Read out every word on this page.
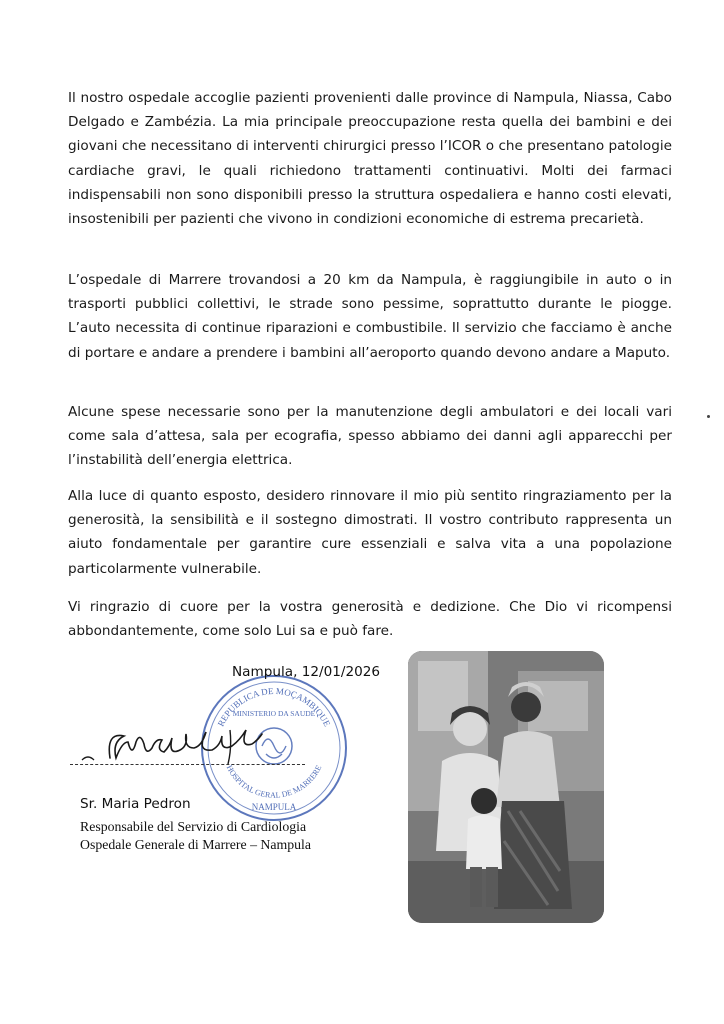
Il nostro ospedale accoglie pazienti provenienti dalle province di Nampula, Niassa, Cabo Delgado e Zambézia. La mia principale preoccupazione resta quella dei bambini e dei giovani che necessitano di interventi chirurgici presso l’ICOR o che presentano patologie cardiache gravi, le quali richiedono trattamenti continuativi. Molti dei farmaci indispensabili non sono disponibili presso la struttura ospedaliera e hanno costi elevati, insostenibili per pazienti che vivono in condizioni economiche di estrema precarietà.

L’ospedale di Marrere trovandosi a 20 km da Nampula, è raggiungibile in auto o in trasporti pubblici collettivi, le strade sono pessime, soprattutto durante le piogge. L’auto necessita di continue riparazioni e combustibile. Il servizio che facciamo è anche di portare e andare a prendere i bambini all’aeroporto quando devono andare a Maputo.

Alcune spese necessarie sono per la manutenzione degli ambulatori e dei locali vari come sala d’attesa, sala per ecografia, spesso abbiamo dei danni agli apparecchi per l’instabilità dell’energia elettrica.

Alla luce di quanto esposto, desidero rinnovare il mio più sentito ringraziamento per la generosità, la sensibilità e il sostegno dimostrati. Il vostro contributo rappresenta un aiuto fondamentale per garantire cure essenziali e salva vita a una popolazione particolarmente vulnerabile.

Vi ringrazio di cuore per la vostra generosità e dedizione. Che Dio vi ricompensi abbondantemente, come solo Lui sa e può fare.

REPUBLICA DE MOÇAMBIQUE
MINISTERIO DA SAUDE
HOSPITAL GERAL DE MARRERE
NAMPULA
Nampula, 12/01/2026
Sr. Maria Pedron
Responsabile del Servizio di Cardiologia
Ospedale Generale di Marrere – Nampula
